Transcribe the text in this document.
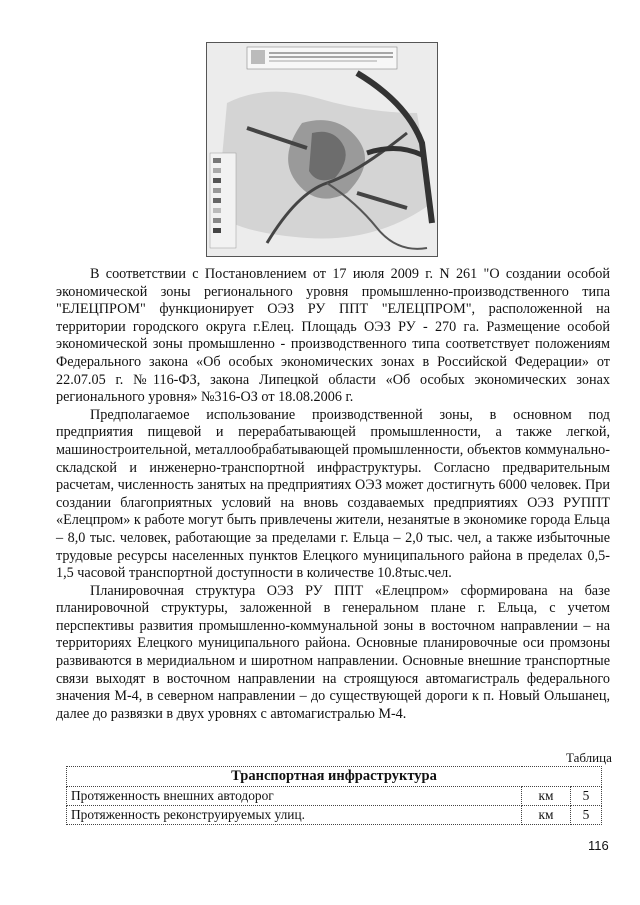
В соответствии с Постановлением от 17 июля 2009 г. N 261 "О создании особой экономической зоны регионального уровня промышленно-производственного типа "ЕЛЕЦПРОМ" функционирует ОЭЗ РУ ППТ "ЕЛЕЦПРОМ", расположенной на территории городского округа г.Елец. Площадь ОЭЗ РУ - 270 га. Размещение особой экономической зоны промышленно - производственного типа соответствует положениям Федерального закона «Об особых экономических зонах в Российской Федерации» от 22.07.05 г. №116-ФЗ, закона Липецкой области «Об особых экономических зонах регионального уровня» №316-ОЗ от 18.08.2006 г.

Предполагаемое использование производственной зоны, в основном под предприятия пищевой и перерабатывающей промышленности, а также легкой, машиностроительной, металлообрабатывающей промышленности, объектов коммунально-складской и инженерно-транспортной инфраструктуры. Согласно предварительным расчетам, численность занятых на предприятиях ОЭЗ может достигнуть 6000 человек. При создании благоприятных условий на вновь создаваемых предприятиях ОЭЗ РУППТ «Елецпром» к работе могут быть привлечены жители, незанятые в экономике города Ельца – 8,0 тыс. человек, работающие за пределами г. Ельца – 2,0 тыс. чел, а также избыточные трудовые ресурсы населенных пунктов Елецкого муниципального района в пределах 0,5-1,5 часовой транспортной доступности в количестве 10.8тыс.чел.

Планировочная структура ОЭЗ РУ ППТ «Елецпром» сформирована на базе планировочной структуры, заложенной в генеральном плане г. Ельца, с учетом перспективы развития промышленно-коммунальной зоны в восточном направлении – на территориях Елецкого муниципального района. Основные планировочные оси промзоны развиваются в меридиальном и широтном направлении. Основные внешние транспортные связи выходят в восточном направлении на строящуюся автомагистраль федерального значения М-4, в северном направлении – до существующей дороги к п. Новый Ольшанец, далее до развязки в двух уровнях с автомагистралью М-4.

Таблица
Транспортная инфраструктура		
Протяженность внешних автодорог	км	5
Протяженность реконструируемых улиц.	км	5
116
